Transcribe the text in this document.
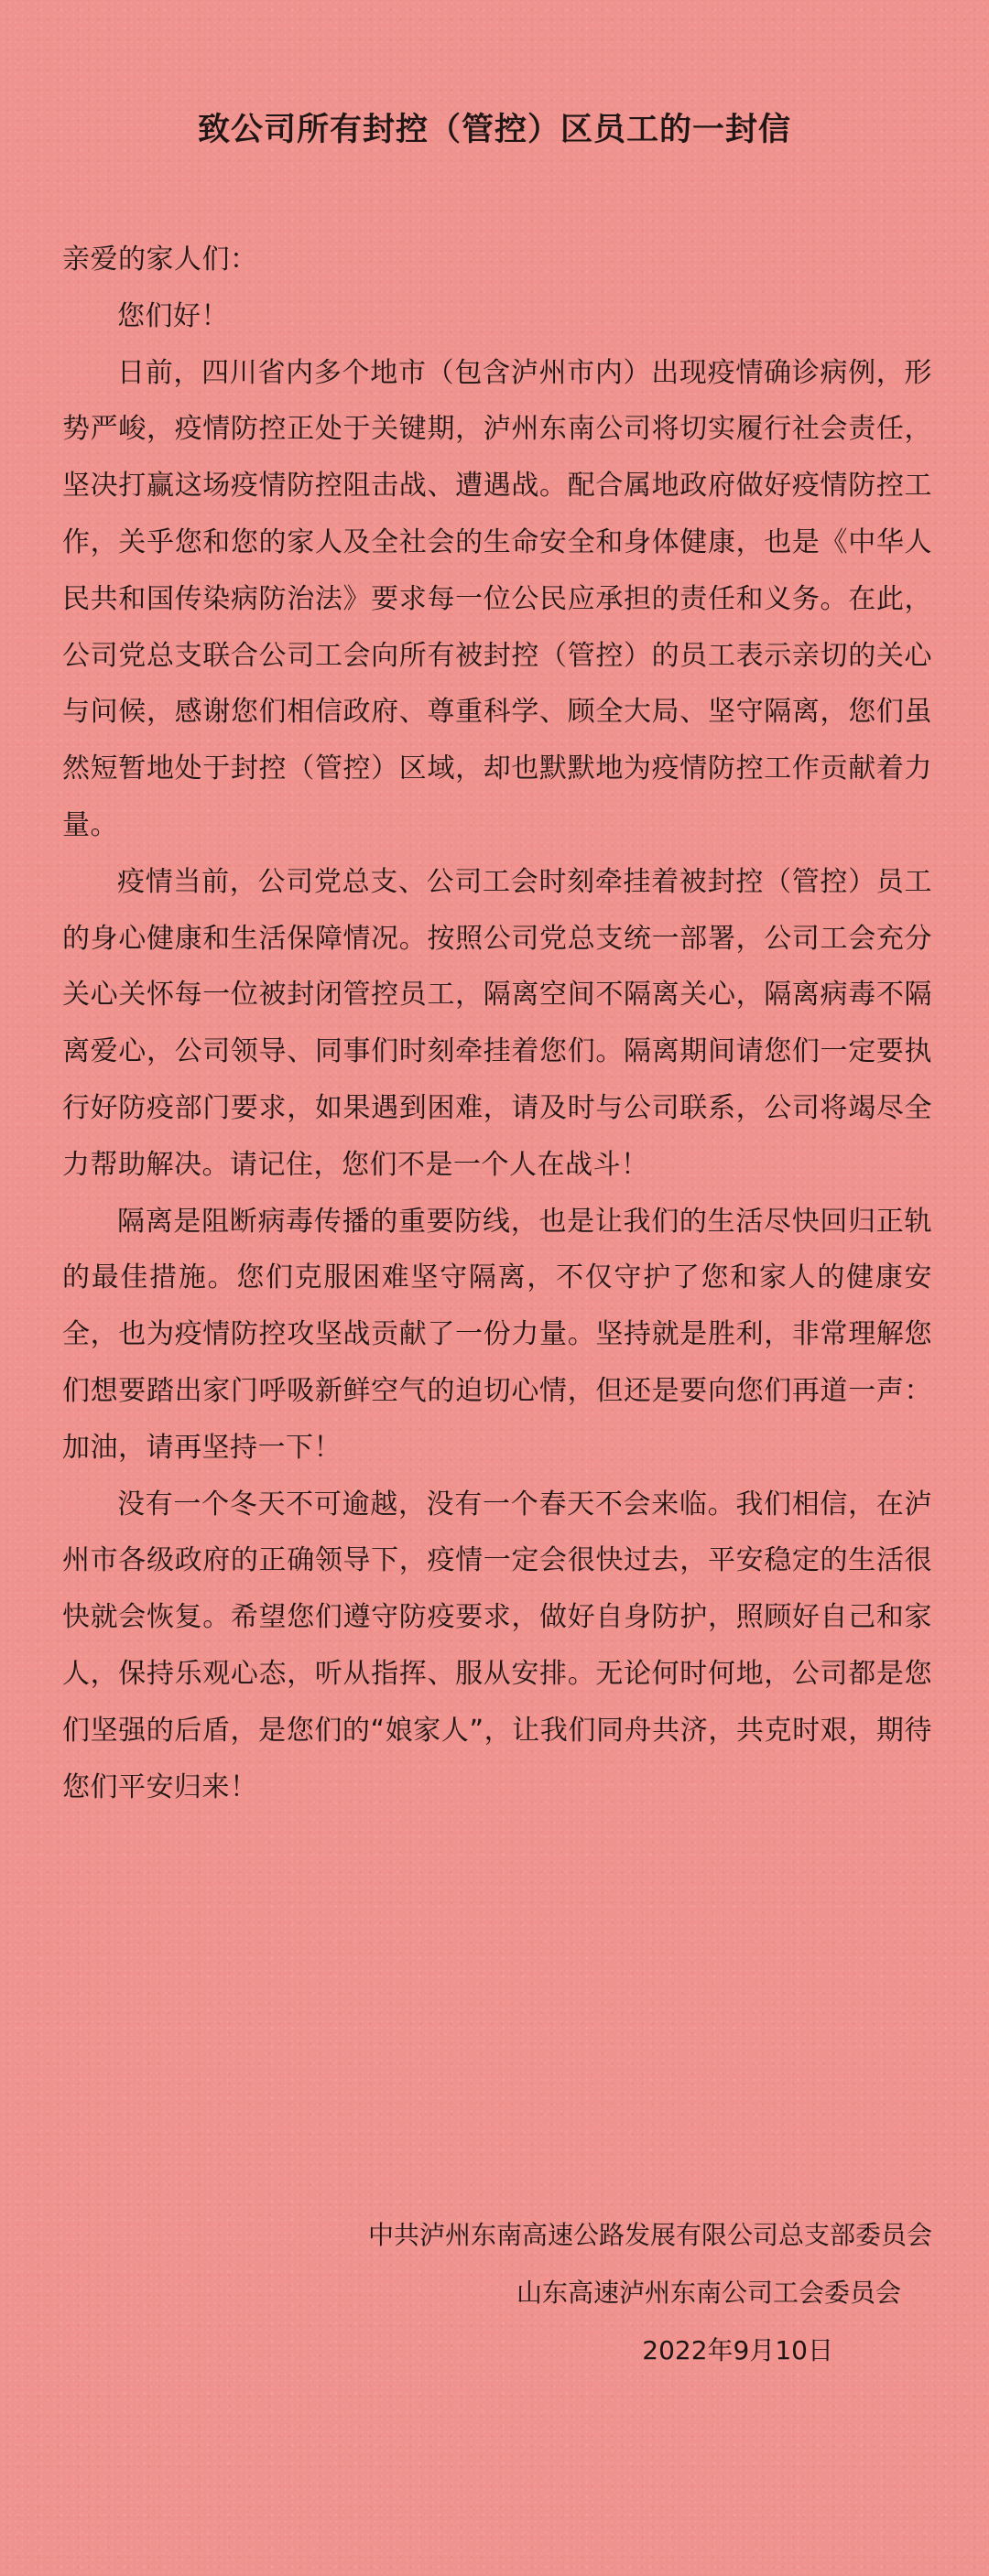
致公司所有封控（管控）区员工的一封信

亲爱的家人们：

您们好！

日前，四川省内多个地市（包含泸州市内）出现疫情确诊病例，形势严峻，疫情防控正处于关键期，泸州东南公司将切实履行社会责任，坚决打赢这场疫情防控阻击战、遭遇战。配合属地政府做好疫情防控工作，关乎您和您的家人及全社会的生命安全和身体健康，也是《中华人民共和国传染病防治法》要求每一位公民应承担的责任和义务。在此，公司党总支联合公司工会向所有被封控（管控）的员工表示亲切的关心与问候，感谢您们相信政府、尊重科学、顾全大局、坚守隔离，您们虽然短暂地处于封控（管控）区域，却也默默地为疫情防控工作贡献着力量。

疫情当前，公司党总支、公司工会时刻牵挂着被封控（管控）员工的身心健康和生活保障情况。按照公司党总支统一部署，公司工会充分关心关怀每一位被封闭管控员工，隔离空间不隔离关心，隔离病毒不隔离爱心，公司领导、同事们时刻牵挂着您们。隔离期间请您们一定要执行好防疫部门要求，如果遇到困难，请及时与公司联系，公司将竭尽全力帮助解决。请记住，您们不是一个人在战斗！

隔离是阻断病毒传播的重要防线，也是让我们的生活尽快回归正轨的最佳措施。您们克服困难坚守隔离，不仅守护了您和家人的健康安全，也为疫情防控攻坚战贡献了一份力量。坚持就是胜利，非常理解您们想要踏出家门呼吸新鲜空气的迫切心情，但还是要向您们再道一声：加油，请再坚持一下！

没有一个冬天不可逾越，没有一个春天不会来临。我们相信，在泸州市各级政府的正确领导下，疫情一定会很快过去，平安稳定的生活很快就会恢复。希望您们遵守防疫要求，做好自身防护，照顾好自己和家人，保持乐观心态，听从指挥、服从安排。无论何时何地，公司都是您们坚强的后盾，是您们的“娘家人”，让我们同舟共济，共克时艰，期待您们平安归来！

中共泸州东南高速公路发展有限公司总支部委员会
山东高速泸州东南公司工会委员会
2022年9月10日
